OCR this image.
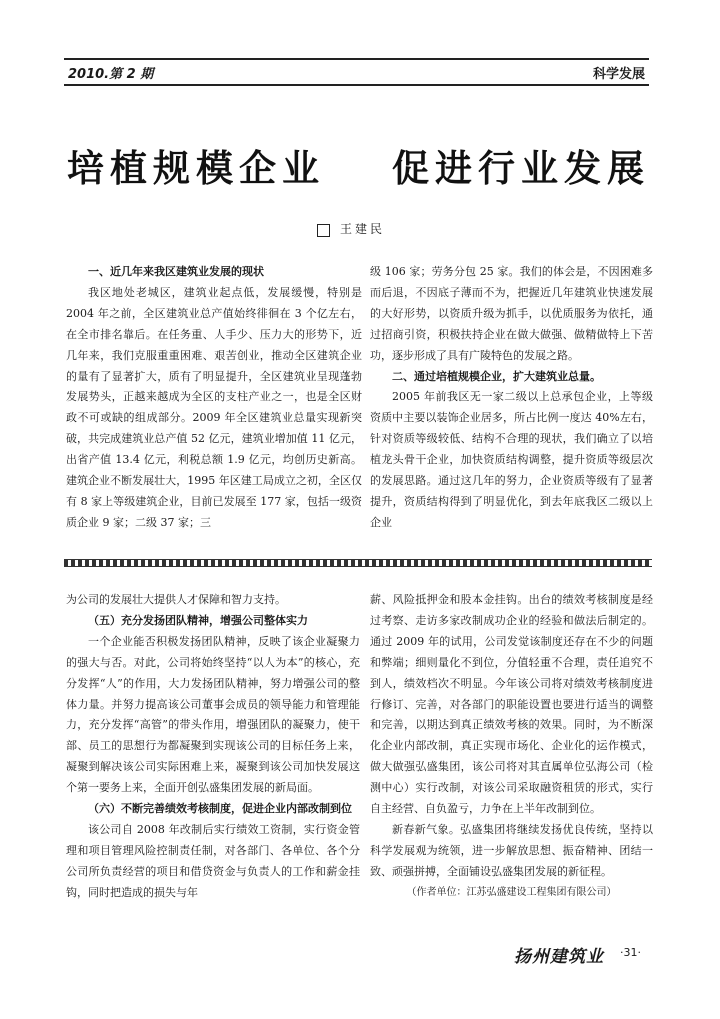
2010.第 2 期	科学发展
培植规模企业 促进行业发展
王建民

一、近几年来我区建筑业发展的现状

我区地处老城区，建筑业起点低，发展缓慢，特别是 2004 年之前，全区建筑业总产值始终徘徊在 3 个亿左右，在全市排名靠后。在任务重、人手少、压力大的形势下，近几年来，我们克服重重困难、艰苦创业，推动全区建筑企业的量有了显著扩大，质有了明显提升，全区建筑业呈现蓬勃发展势头，正越来越成为全区的支柱产业之一，也是全区财政不可或缺的组成部分。2009 年全区建筑业总量实现新突破，共完成建筑业总产值 52 亿元，建筑业增加值 11 亿元，出省产值 13.4 亿元，利税总额 1.9 亿元，均创历史新高。建筑企业不断发展壮大，1995 年区建工局成立之初，全区仅有 8 家上等级建筑企业，目前已发展至 177 家，包括一级资质企业 9 家；二级 37 家；三

级 106 家；劳务分包 25 家。我们的体会是，不因困难多而后退，不因底子薄而不为，把握近几年建筑业快速发展的大好形势，以资质升级为抓手，以优质服务为依托，通过招商引资，积极扶持企业在做大做强、做精做特上下苦功，逐步形成了具有广陵特色的发展之路。

二、通过培植规模企业，扩大建筑业总量。

2005 年前我区无一家二级以上总承包企业，上等级资质中主要以装饰企业居多，所占比例一度达 40%左右，针对资质等级较低、结构不合理的现状，我们确立了以培植龙头骨干企业，加快资质结构调整，提升资质等级层次的发展思路。通过这几年的努力，企业资质等级有了显著提升，资质结构得到了明显优化，到去年底我区二级以上企业

为公司的发展壮大提供人才保障和智力支持。

（五）充分发扬团队精神，增强公司整体实力

一个企业能否积极发扬团队精神，反映了该企业凝聚力的强大与否。对此，公司将始终坚持“以人为本”的核心，充分发挥“人”的作用，大力发扬团队精神，努力增强公司的整体力量。并努力提高该公司董事会成员的领导能力和管理能力，充分发挥“高管”的带头作用，增强团队的凝聚力，使干部、员工的思想行为都凝聚到实现该公司的目标任务上来，凝聚到解决该公司实际困难上来，凝聚到该公司加快发展这个第一要务上来，全面开创弘盛集团发展的新局面。

（六）不断完善绩效考核制度，促进企业内部改制到位

该公司自 2008 年改制后实行绩效工资制，实行资金管理和项目管理风险控制责任制，对各部门、各单位、各个分公司所负责经营的项目和借贷资金与负责人的工作和薪金挂钩，同时把造成的损失与年

薪、风险抵押金和股本金挂钩。出台的绩效考核制度是经过考察、走访多家改制成功企业的经验和做法后制定的。通过 2009 年的试用，公司发觉该制度还存在不少的问题和弊端；细则量化不到位，分值轻重不合理，责任追究不到人，绩效档次不明显。今年该公司将对绩效考核制度进行修订、完善，对各部门的职能设置也要进行适当的调整和完善，以期达到真正绩效考核的效果。同时，为不断深化企业内部改制，真正实现市场化、企业化的运作模式，做大做强弘盛集团，该公司将对其直属单位弘海公司（检测中心）实行改制，对该公司采取融资租赁的形式，实行自主经营、自负盈亏，力争在上半年改制到位。

新春新气象。弘盛集团将继续发扬优良传统，坚持以科学发展观为统领，进一步解放思想、振奋精神、团结一致、顽强拼搏，全面铺设弘盛集团发展的新征程。

（作者单位：江苏弘盛建设工程集团有限公司）

扬州建筑业 ·31·
